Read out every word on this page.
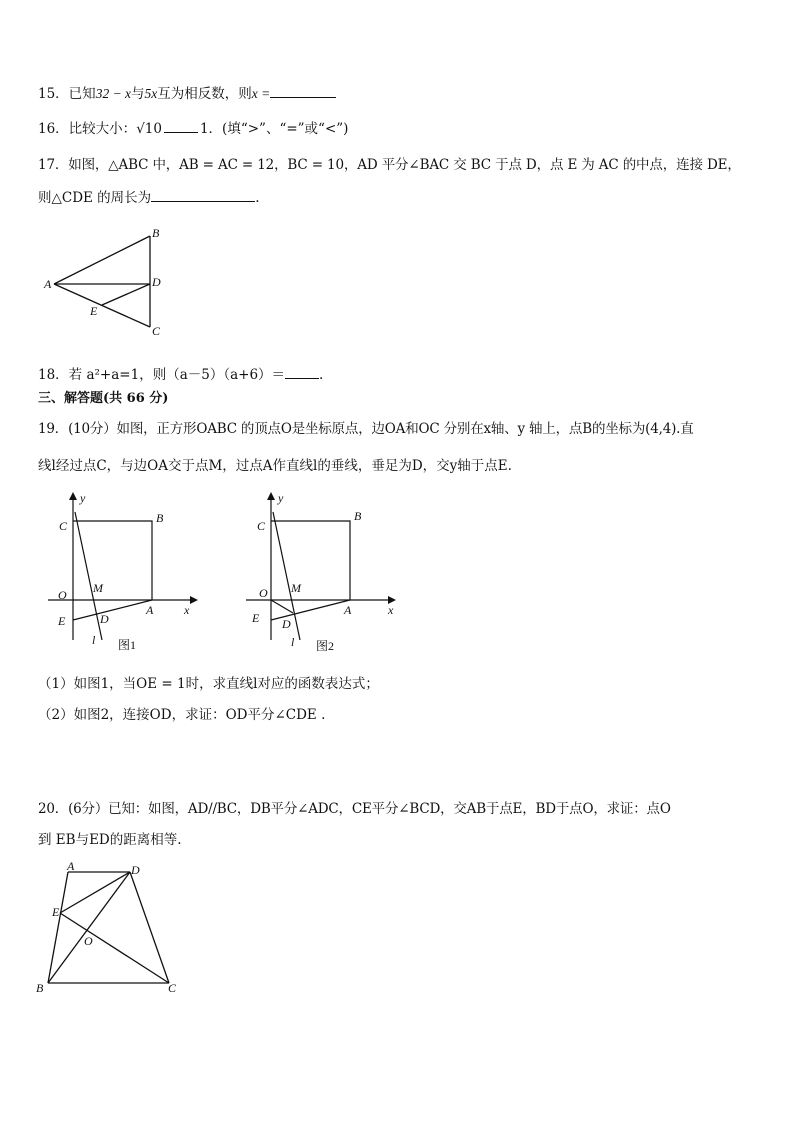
15．已知32 − x与5x互为相反数，则x =
16．比较大小：√10	1．(填“>”、“=”或“<”)
17．如图，△ABC 中，AB = AC = 12，BC = 10，AD 平分∠BAC 交 BC 于点 D，点 E 为 AC 的中点，连接 DE，
则△CDE 的周长为	.
A
B
C
D
E
18．若 a²+a=1，则（a－5）（a+6）＝	.
三、解答题(共 66 分)
19．(10分）如图，正方形OABC 的顶点O是坐标原点，边OA和OC 分别在x轴、y 轴上，点B的坐标为(4,4).直
线l经过点C，与边OA交于点M，过点A作直线l的垂线，垂足为D，交y轴于点E.
y
x
C
B
O M
A
E	D
l 图1
y
x
C
B
O M
A
E D
l 图2
（1）如图1，当OE = 1时，求直线l对应的函数表达式；
（2）如图2，连接OD，求证：OD平分∠CDE .
20．(6分）已知：如图，AD//BC，DB平分∠ADC，CE平分∠BCD，交AB于点E，BD于点O，求证：点O
到 EB与ED的距离相等.
A	D
E
O
B	C
